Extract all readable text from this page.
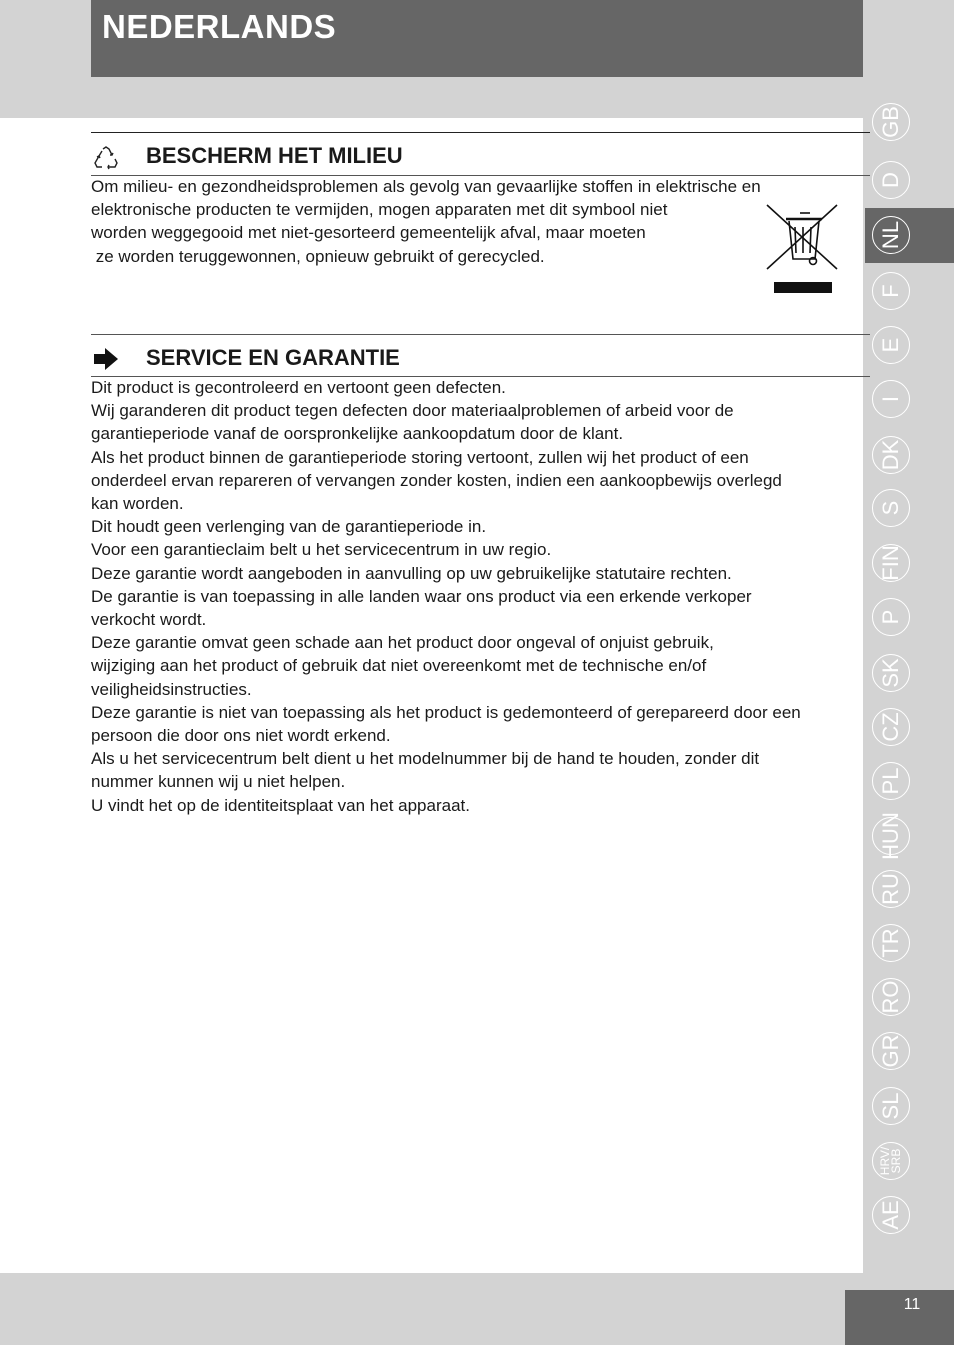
NEDERLANDS
BESCHERM HET MILIEU
Om milieu- en gezondheidsproblemen als gevolg van gevaarlijke stoffen in elektrische en
elektronische producten te vermijden, mogen apparaten met dit symbool niet
worden weggegooid met niet-gesorteerd gemeentelijk afval, maar moeten
ze worden teruggewonnen, opnieuw gebruikt of gerecycled.
SERVICE EN GARANTIE
Dit product is gecontroleerd en vertoont geen defecten.
Wij garanderen dit product tegen defecten door materiaalproblemen of arbeid voor de
garantieperiode vanaf de oorspronkelijke aankoopdatum door de klant.
Als het product binnen de garantieperiode storing vertoont, zullen wij het product of een
onderdeel ervan repareren of vervangen zonder kosten, indien een aankoopbewijs overlegd
kan worden.
Dit houdt geen verlenging van de garantieperiode in.
Voor een garantieclaim belt u het servicecentrum in uw regio.
Deze garantie wordt aangeboden in aanvulling op uw gebruikelijke statutaire rechten.
De garantie is van toepassing in alle landen waar ons product via een erkende verkoper
verkocht wordt.
Deze garantie omvat geen schade aan het product door ongeval of onjuist gebruik,
wijziging aan het product of gebruik dat niet overeenkomt met de technische en/of
veiligheidsinstructies.
Deze garantie is niet van toepassing als het product is gedemonteerd of gerepareerd door een
persoon die door ons niet wordt erkend.
Als u het servicecentrum belt dient u het modelnummer bij de hand te houden, zonder dit
nummer kunnen wij u niet helpen.
U vindt het op de identiteitsplaat van het apparaat.
GB
D
NL
F
E
I
DK
S
FIN
P
SK
CZ
PL
HUN
RU
TR
RO
GR
SL
HRV/
SRB
AE
11
